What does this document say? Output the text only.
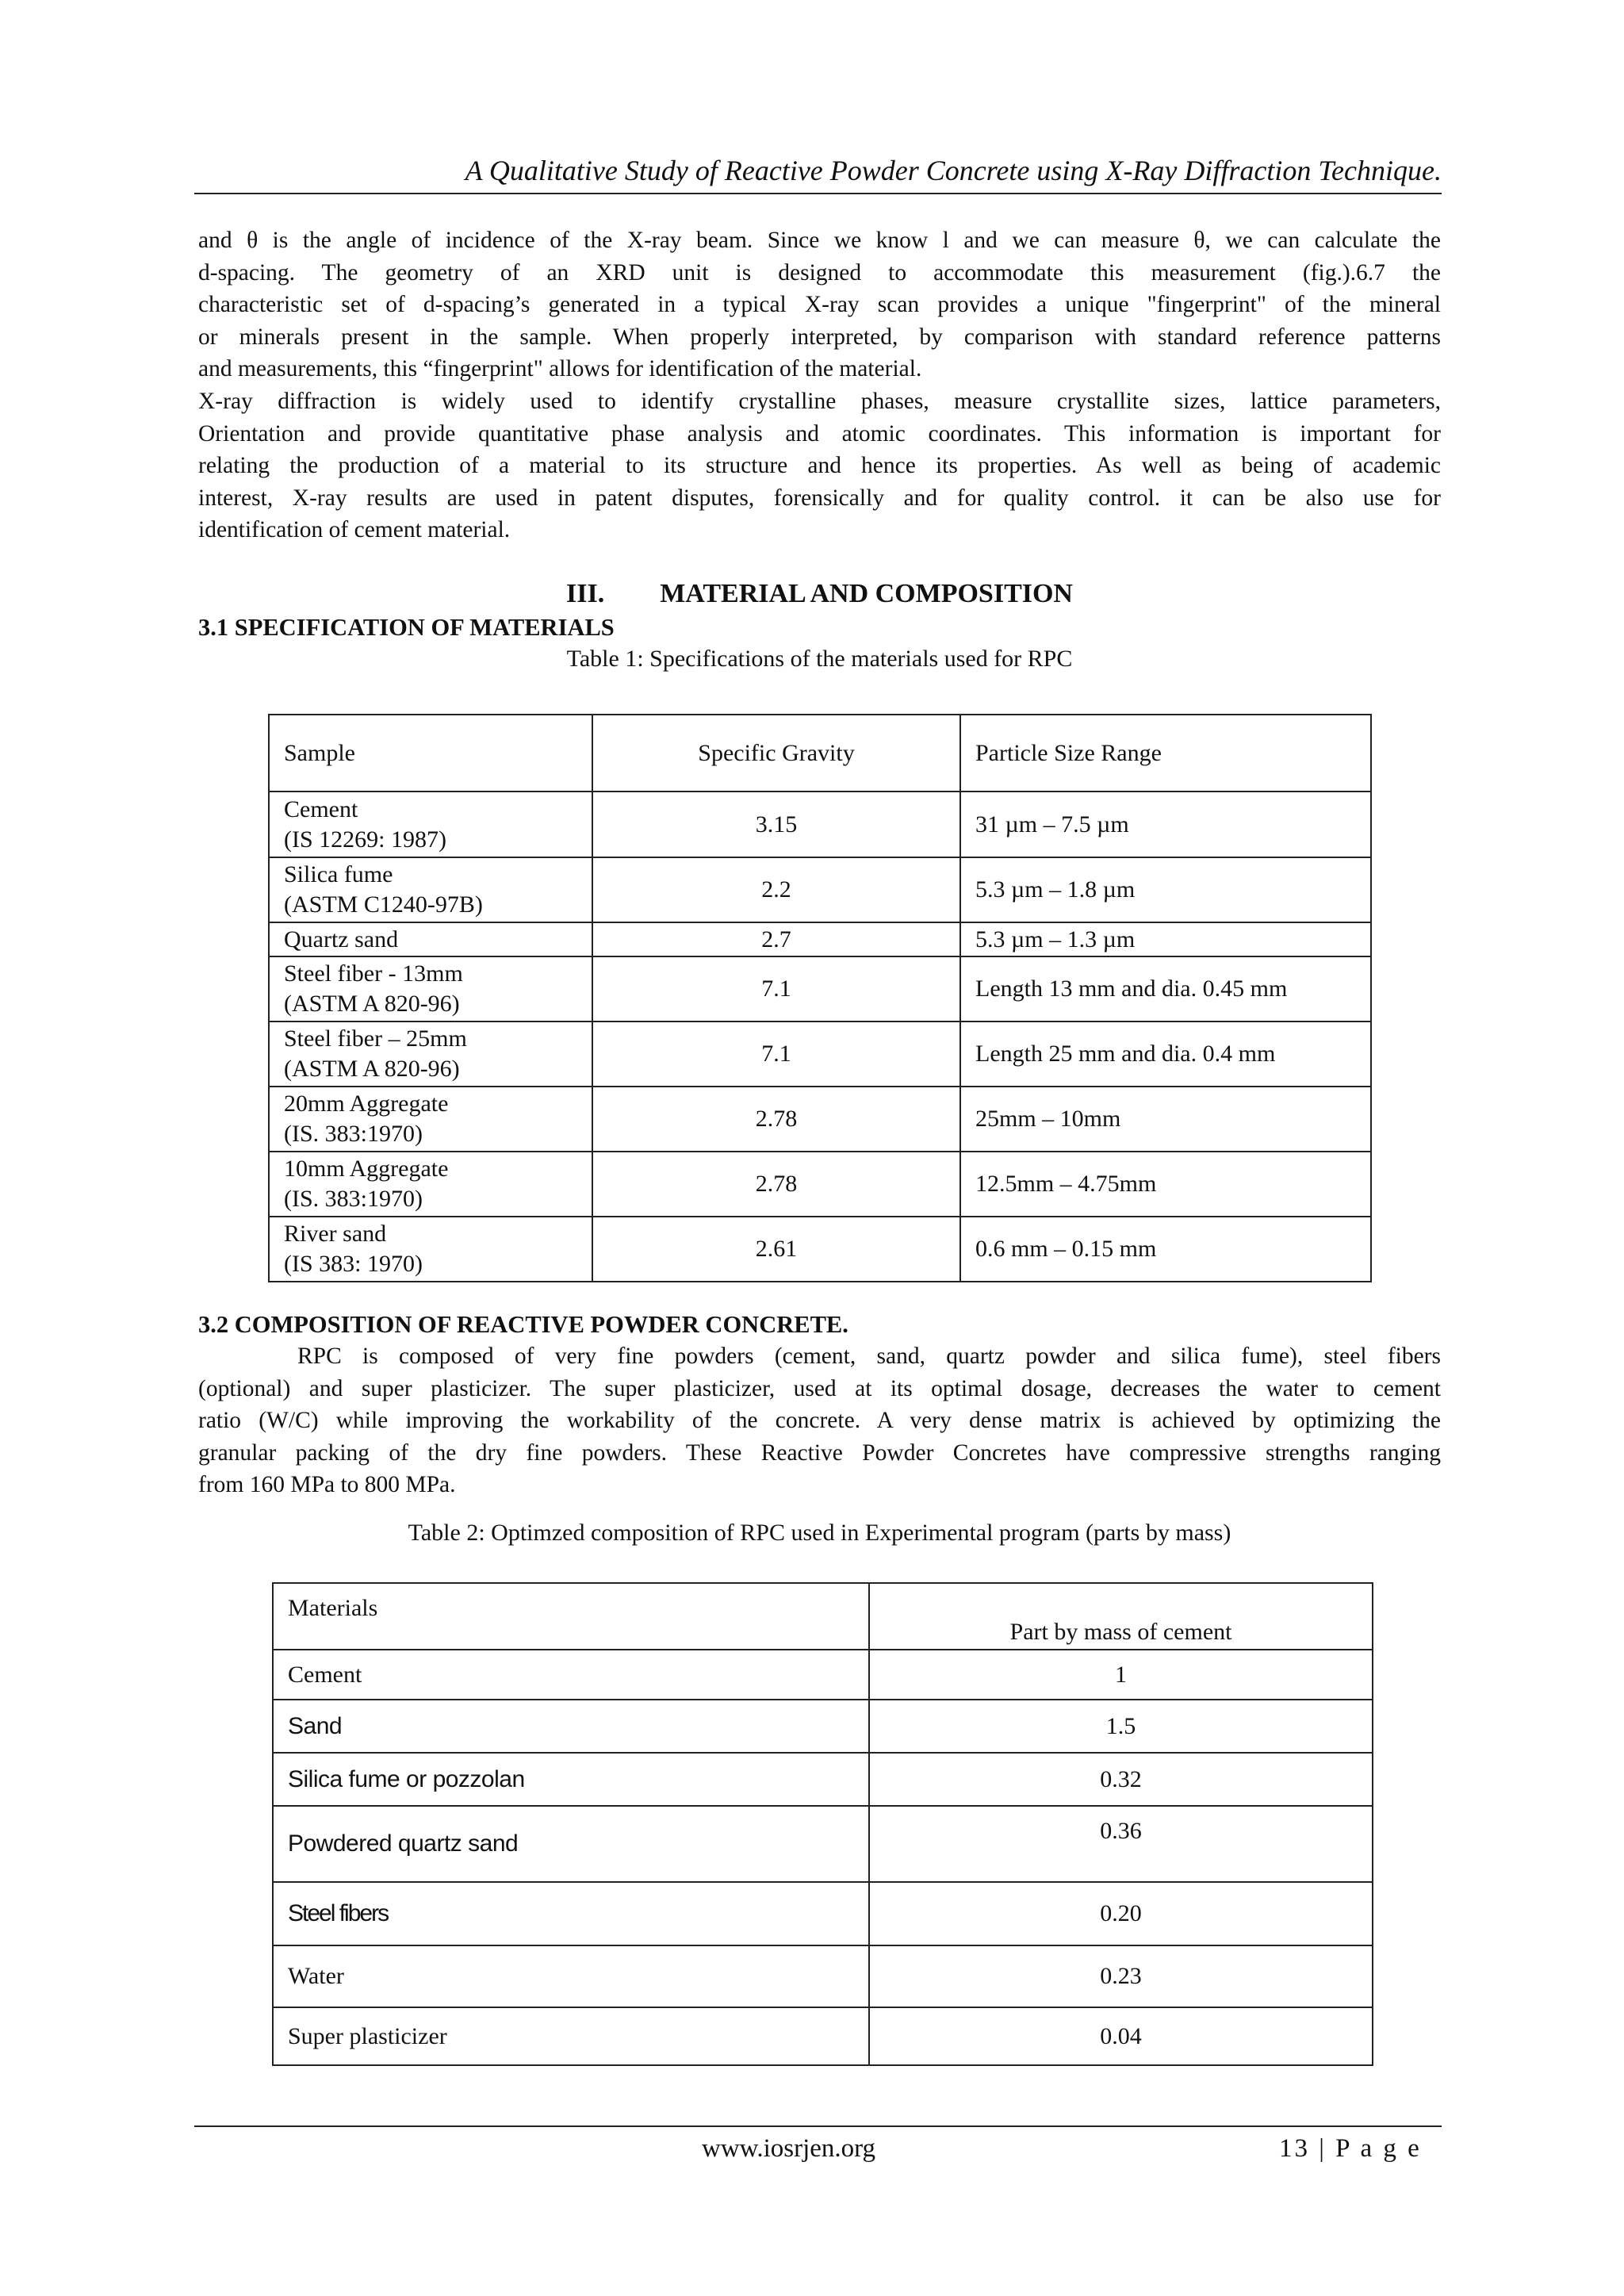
A Qualitative Study of Reactive Powder Concrete using X-Ray Diffraction Technique.
and θ is the angle of incidence of the X-ray beam. Since we know l and we can measure θ, we can calculate the
d-spacing. The geometry of an XRD unit is designed to accommodate this measurement (fig.).6.7 the
characteristic set of d-spacing’s generated in a typical X-ray scan provides a unique "fingerprint" of the mineral
or minerals present in the sample. When properly interpreted, by comparison with standard reference patterns
and measurements, this “fingerprint" allows for identification of the material.
X-ray diffraction is widely used to identify crystalline phases, measure crystallite sizes, lattice parameters,
Orientation and provide quantitative phase analysis and atomic coordinates. This information is important for
relating the production of a material to its structure and hence its properties. As well as being of academic
interest, X-ray results are used in patent disputes, forensically and for quality control. it can be also use for
identification of cement material.
III. MATERIAL AND COMPOSITION
3.1 SPECIFICATION OF MATERIALS
Table 1: Specifications of the materials used for RPC
Sample	Specific Gravity	Particle Size Range

Cement
(IS 12269: 1987)	3.15	31 µm – 7.5 µm

Silica fume
(ASTM C1240-97B)	2.2	5.3 µm – 1.8 µm

Quartz sand	2.7	5.3 µm – 1.3 µm

Steel fiber - 13mm
(ASTM A 820-96)	7.1	Length 13 mm and dia. 0.45 mm

Steel fiber – 25mm
(ASTM A 820-96)	7.1	Length 25 mm and dia. 0.4 mm

20mm Aggregate
(IS. 383:1970)	2.78	25mm – 10mm

10mm Aggregate
(IS. 383:1970)	2.78	12.5mm – 4.75mm

River sand
(IS 383: 1970)	2.61	0.6 mm – 0.15 mm
3.2 COMPOSITION OF REACTIVE POWDER CONCRETE.
RPC is composed of very fine powders (cement, sand, quartz powder and silica fume), steel fibers
(optional) and super plasticizer. The super plasticizer, used at its optimal dosage, decreases the water to cement
ratio (W/C) while improving the workability of the concrete. A very dense matrix is achieved by optimizing the
granular packing of the dry fine powders. These Reactive Powder Concretes have compressive strengths ranging
from 160 MPa to 800 MPa.
Table 2: Optimzed composition of RPC used in Experimental program (parts by mass)
Materials	Part by mass of cement
Cement	1
Sand	1.5
Silica fume or pozzolan	0.32
Powdered quartz sand	0.36
Steel fibers	0.20
Water	0.23
Super plasticizer	0.04
www.iosrjen.org	13 | P a g e
